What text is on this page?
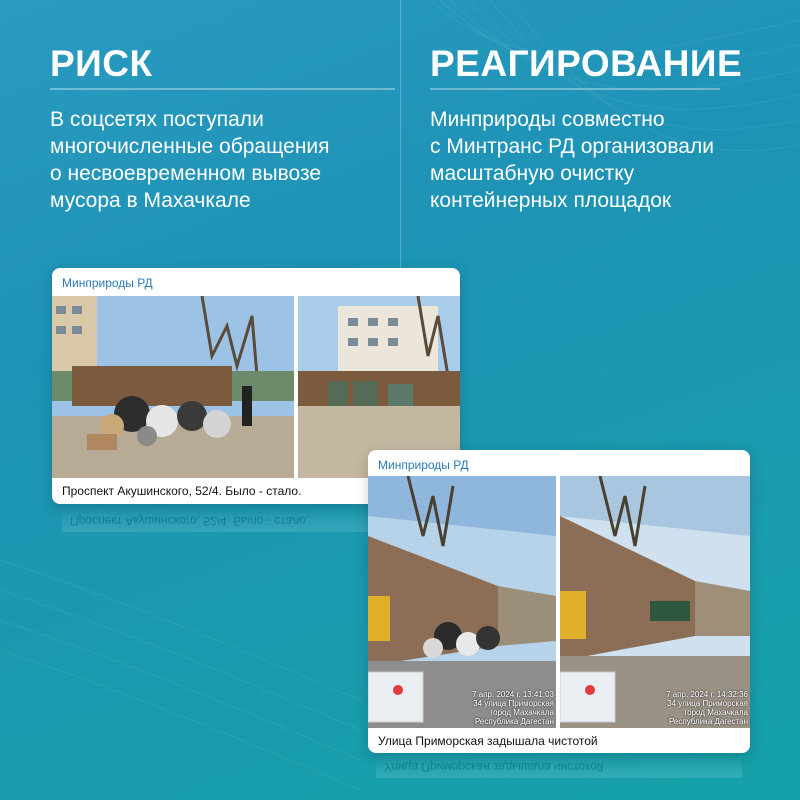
РИСК
В соцсетях поступали
многочисленные обращения
о несвоевременном вывозе
мусора в Махачкале
РЕАГИРОВАНИЕ
Минприроды совместно
с Минтранс РД организовали
масштабную очистку
контейнерных площадок
Минприроды РД
Проспект Акушинского, 52/4. Было - стало.
Проспект Акушинского, 52/4. Было - стало.
Минприроды РД
7 апр. 2024 г. 13:41:03
34 улица Приморская
город Махачкала
Республика Дагестан
7 апр. 2024 г. 14:32:36
34 улица Приморская
город Махачкала
Республика Дагестан
Улица Приморская задышала чистотой
Улица Приморская задышала чистотой
